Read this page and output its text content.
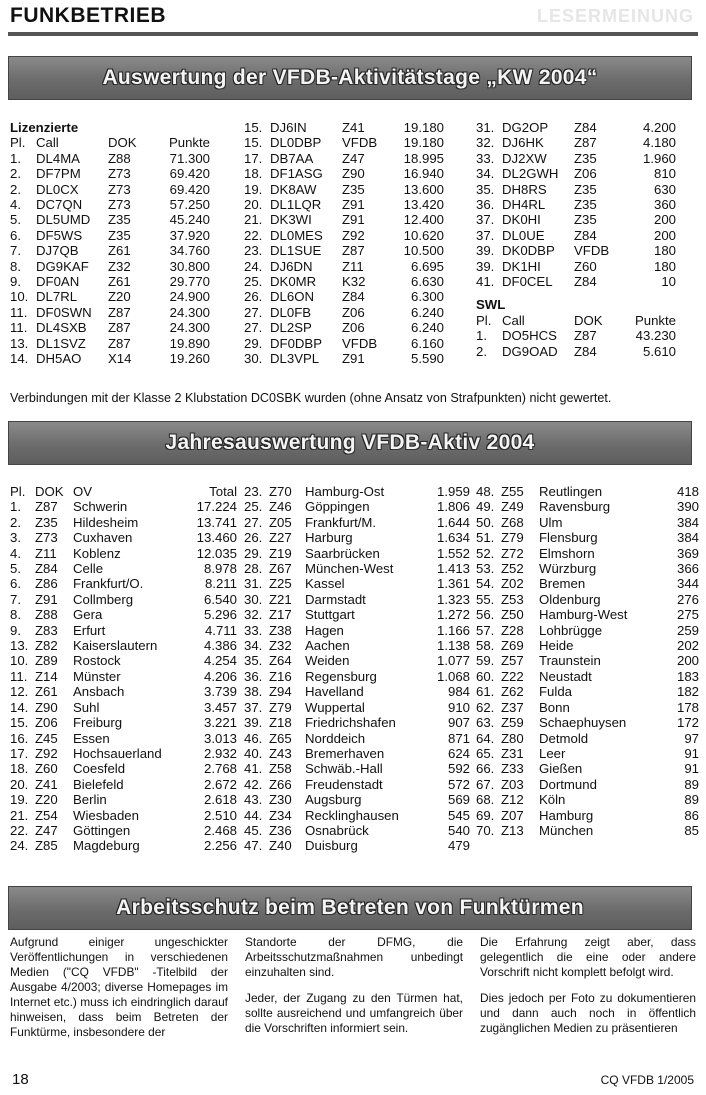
FUNKBETRIEB	LESERMEINUNG
Auswertung der VFDB-Aktivitätstage „KW 2004“
Lizenzierte			
Pl.	Call	DOK	Punkte
1.	DL4MA	Z88	71.300
2.	DF7PM	Z73	69.420
2.	DL0CX	Z73	69.420
4.	DC7QN	Z73	57.250
5.	DL5UMD	Z35	45.240
6.	DF5WS	Z35	37.920
7.	DJ7QB	Z61	34.760
8.	DG9KAF	Z32	30.800
9.	DF0AN	Z61	29.770
10.	DL7RL	Z20	24.900
11.	DF0SWN	Z87	24.300
11.	DL4SXB	Z87	24.300
13.	DL1SVZ	Z87	19.890
14.	DH5AO	X14	19.260
15.	DJ6IN	Z41	19.180
15.	DL0DBP	VFDB	19.180
17.	DB7AA	Z47	18.995
18.	DF1ASG	Z90	16.940
19.	DK8AW	Z35	13.600
20.	DL1LQR	Z91	13.420
21.	DK3WI	Z91	12.400
22.	DL0MES	Z92	10.620
23.	DL1SUE	Z87	10.500
24.	DJ6DN	Z11	6.695
25.	DK0MR	K32	6.630
26.	DL6ON	Z84	6.300
27.	DL0FB	Z06	6.240
27.	DL2SP	Z06	6.240
29.	DF0DBP	VFDB	6.160
30.	DL3VPL	Z91	5.590
31.	DG2OP	Z84	4.200
32.	DJ6HK	Z87	4.180
33.	DJ2XW	Z35	1.960
34.	DL2GWH	Z06	810
35.	DH8RS	Z35	630
36.	DH4RL	Z35	360
37.	DK0HI	Z35	200
37.	DL0UE	Z84	200
39.	DK0DBP	VFDB	180
39.	DK1HI	Z60	180
41.	DF0CEL	Z84	10

SWL			
Pl.	Call	DOK	Punkte
1.	DO5HCS	Z87	43.230
2.	DG9OAD	Z84	5.610
Verbindungen mit der Klasse 2 Klubstation DC0SBK wurden (ohne Ansatz von Strafpunkten) nicht gewertet.
Jahresauswertung VFDB-Aktiv 2004
Pl.	DOK	OV	Total
1.	Z87	Schwerin	17.224
2.	Z35	Hildesheim	13.741
3.	Z73	Cuxhaven	13.460
4.	Z11	Koblenz	12.035
5.	Z84	Celle	8.978
6.	Z86	Frankfurt/O.	8.211
7.	Z91	Collmberg	6.540
8.	Z88	Gera	5.296
9.	Z83	Erfurt	4.711
13.	Z82	Kaiserslautern	4.386
10.	Z89	Rostock	4.254
11.	Z14	Münster	4.206
12.	Z61	Ansbach	3.739
14.	Z90	Suhl	3.457
15.	Z06	Freiburg	3.221
16.	Z45	Essen	3.013
17.	Z92	Hochsauerland	2.932
18.	Z60	Coesfeld	2.768
20.	Z41	Bielefeld	2.672
19.	Z20	Berlin	2.618
21.	Z54	Wiesbaden	2.510
22.	Z47	Göttingen	2.468
24.	Z85	Magdeburg	2.256
23.	Z70	Hamburg-Ost	1.959
25.	Z46	Göppingen	1.806
27.	Z05	Frankfurt/M.	1.644
26.	Z27	Harburg	1.634
29.	Z19	Saarbrücken	1.552
28.	Z67	München-West	1.413
31.	Z25	Kassel	1.361
30.	Z21	Darmstadt	1.323
32.	Z17	Stuttgart	1.272
33.	Z38	Hagen	1.166
34.	Z32	Aachen	1.138
35.	Z64	Weiden	1.077
36.	Z16	Regensburg	1.068
38.	Z94	Havelland	984
37.	Z79	Wuppertal	910
39.	Z18	Friedrichshafen	907
46.	Z65	Norddeich	871
40.	Z43	Bremerhaven	624
41.	Z58	Schwäb.-Hall	592
42.	Z66	Freudenstadt	572
43.	Z30	Augsburg	569
44.	Z34	Recklinghausen	545
45.	Z36	Osnabrück	540
47.	Z40	Duisburg	479
48.	Z55	Reutlingen	418
49.	Z49	Ravensburg	390
50.	Z68	Ulm	384
51.	Z79	Flensburg	384
52.	Z72	Elmshorn	369
53.	Z52	Würzburg	366
54.	Z02	Bremen	344
55.	Z53	Oldenburg	276
56.	Z50	Hamburg-West	275
57.	Z28	Lohbrügge	259
58.	Z69	Heide	202
59.	Z57	Traunstein	200
60.	Z22	Neustadt	183
61.	Z62	Fulda	182
62.	Z37	Bonn	178
63.	Z59	Schaephuysen	172
64.	Z80	Detmold	97
65.	Z31	Leer	91
66.	Z33	Gießen	91
67.	Z03	Dortmund	89
68.	Z12	Köln	89
69.	Z07	Hamburg	86
70.	Z13	München	85
Arbeitsschutz beim Betreten von Funktürmen

Aufgrund einiger ungeschickter Veröffentlichungen in verschiedenen Medien ("CQ VFDB" -Titelbild der Ausgabe 4/2003; diverse Homepages im Internet etc.) muss ich eindringlich darauf hinweisen, dass beim Betreten der Funktürme, insbesondere der

Standorte der DFMG, die Arbeitsschutzmaßnahmen unbedingt einzuhalten sind.

Jeder, der Zugang zu den Türmen hat, sollte ausreichend und umfangreich über die Vorschriften informiert sein.

Die Erfahrung zeigt aber, dass gelegentlich die eine oder andere Vorschrift nicht komplett befolgt wird.

Dies jedoch per Foto zu dokumentieren und dann auch noch in öffentlich zugänglichen Medien zu präsentieren

18	CQ VFDB 1/2005
